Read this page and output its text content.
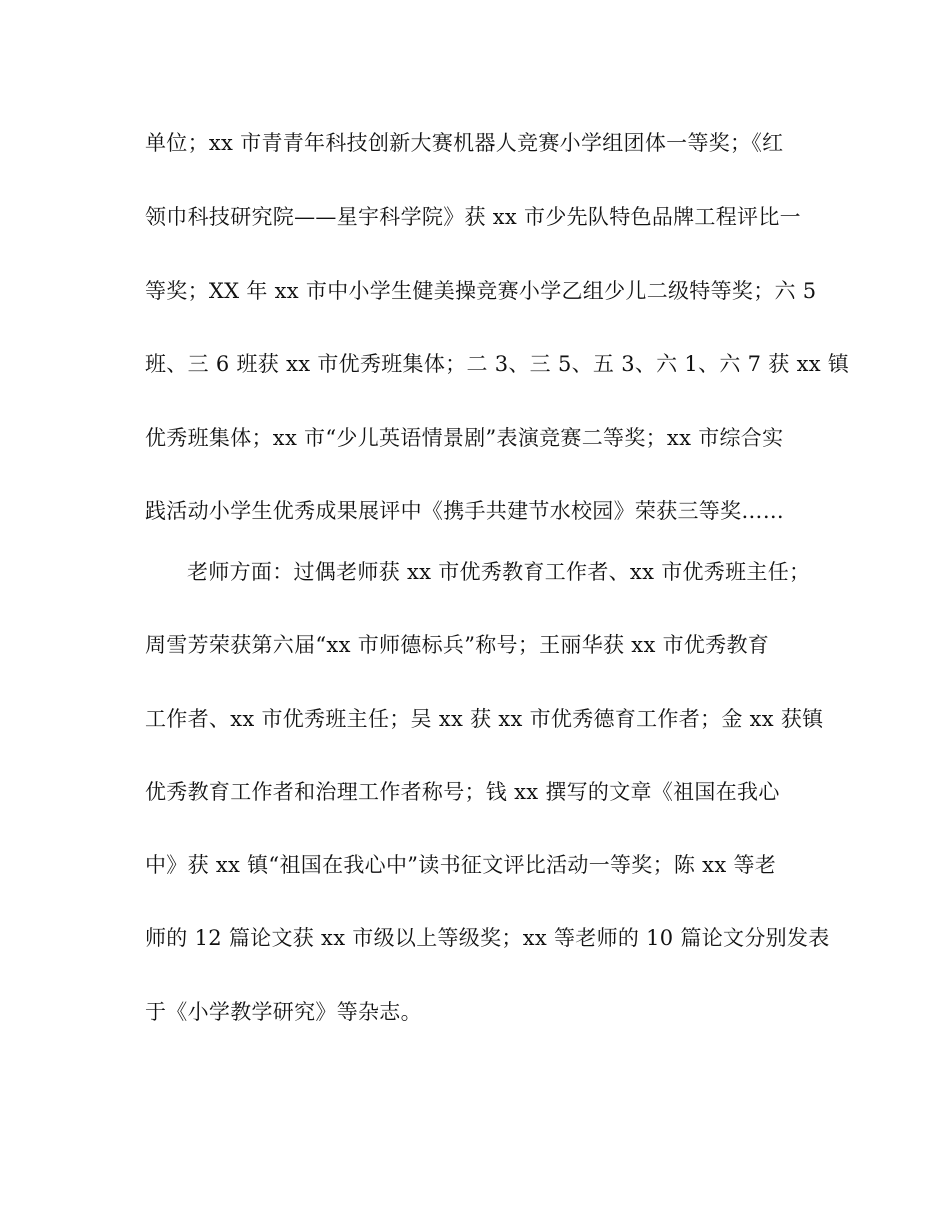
单位；xx 市青青年科技创新大赛机器人竞赛小学组团体一等奖；《红

领巾科技研究院——星宇科学院》获 xx 市少先队特色品牌工程评比一

等奖；XX 年 xx 市中小学生健美操竞赛小学乙组少儿二级特等奖；六 5

班、三 6 班获 xx 市优秀班集体；二 3、三 5、五 3、六 1、六 7 获 xx 镇

优秀班集体；xx 市“少儿英语情景剧”表演竞赛二等奖；xx 市综合实

践活动小学生优秀成果展评中《携手共建节水校园》荣获三等奖……

老师方面：过偶老师获 xx 市优秀教育工作者、xx 市优秀班主任；

周雪芳荣获第六届“xx 市师德标兵”称号；王丽华获 xx 市优秀教育

工作者、xx 市优秀班主任；吴 xx 获 xx 市优秀德育工作者；金 xx 获镇

优秀教育工作者和治理工作者称号；钱 xx 撰写的文章《祖国在我心

中》获 xx 镇“祖国在我心中”读书征文评比活动一等奖；陈 xx 等老

师的 12 篇论文获 xx 市级以上等级奖；xx 等老师的 10 篇论文分别发表

于《小学教学研究》等杂志。
